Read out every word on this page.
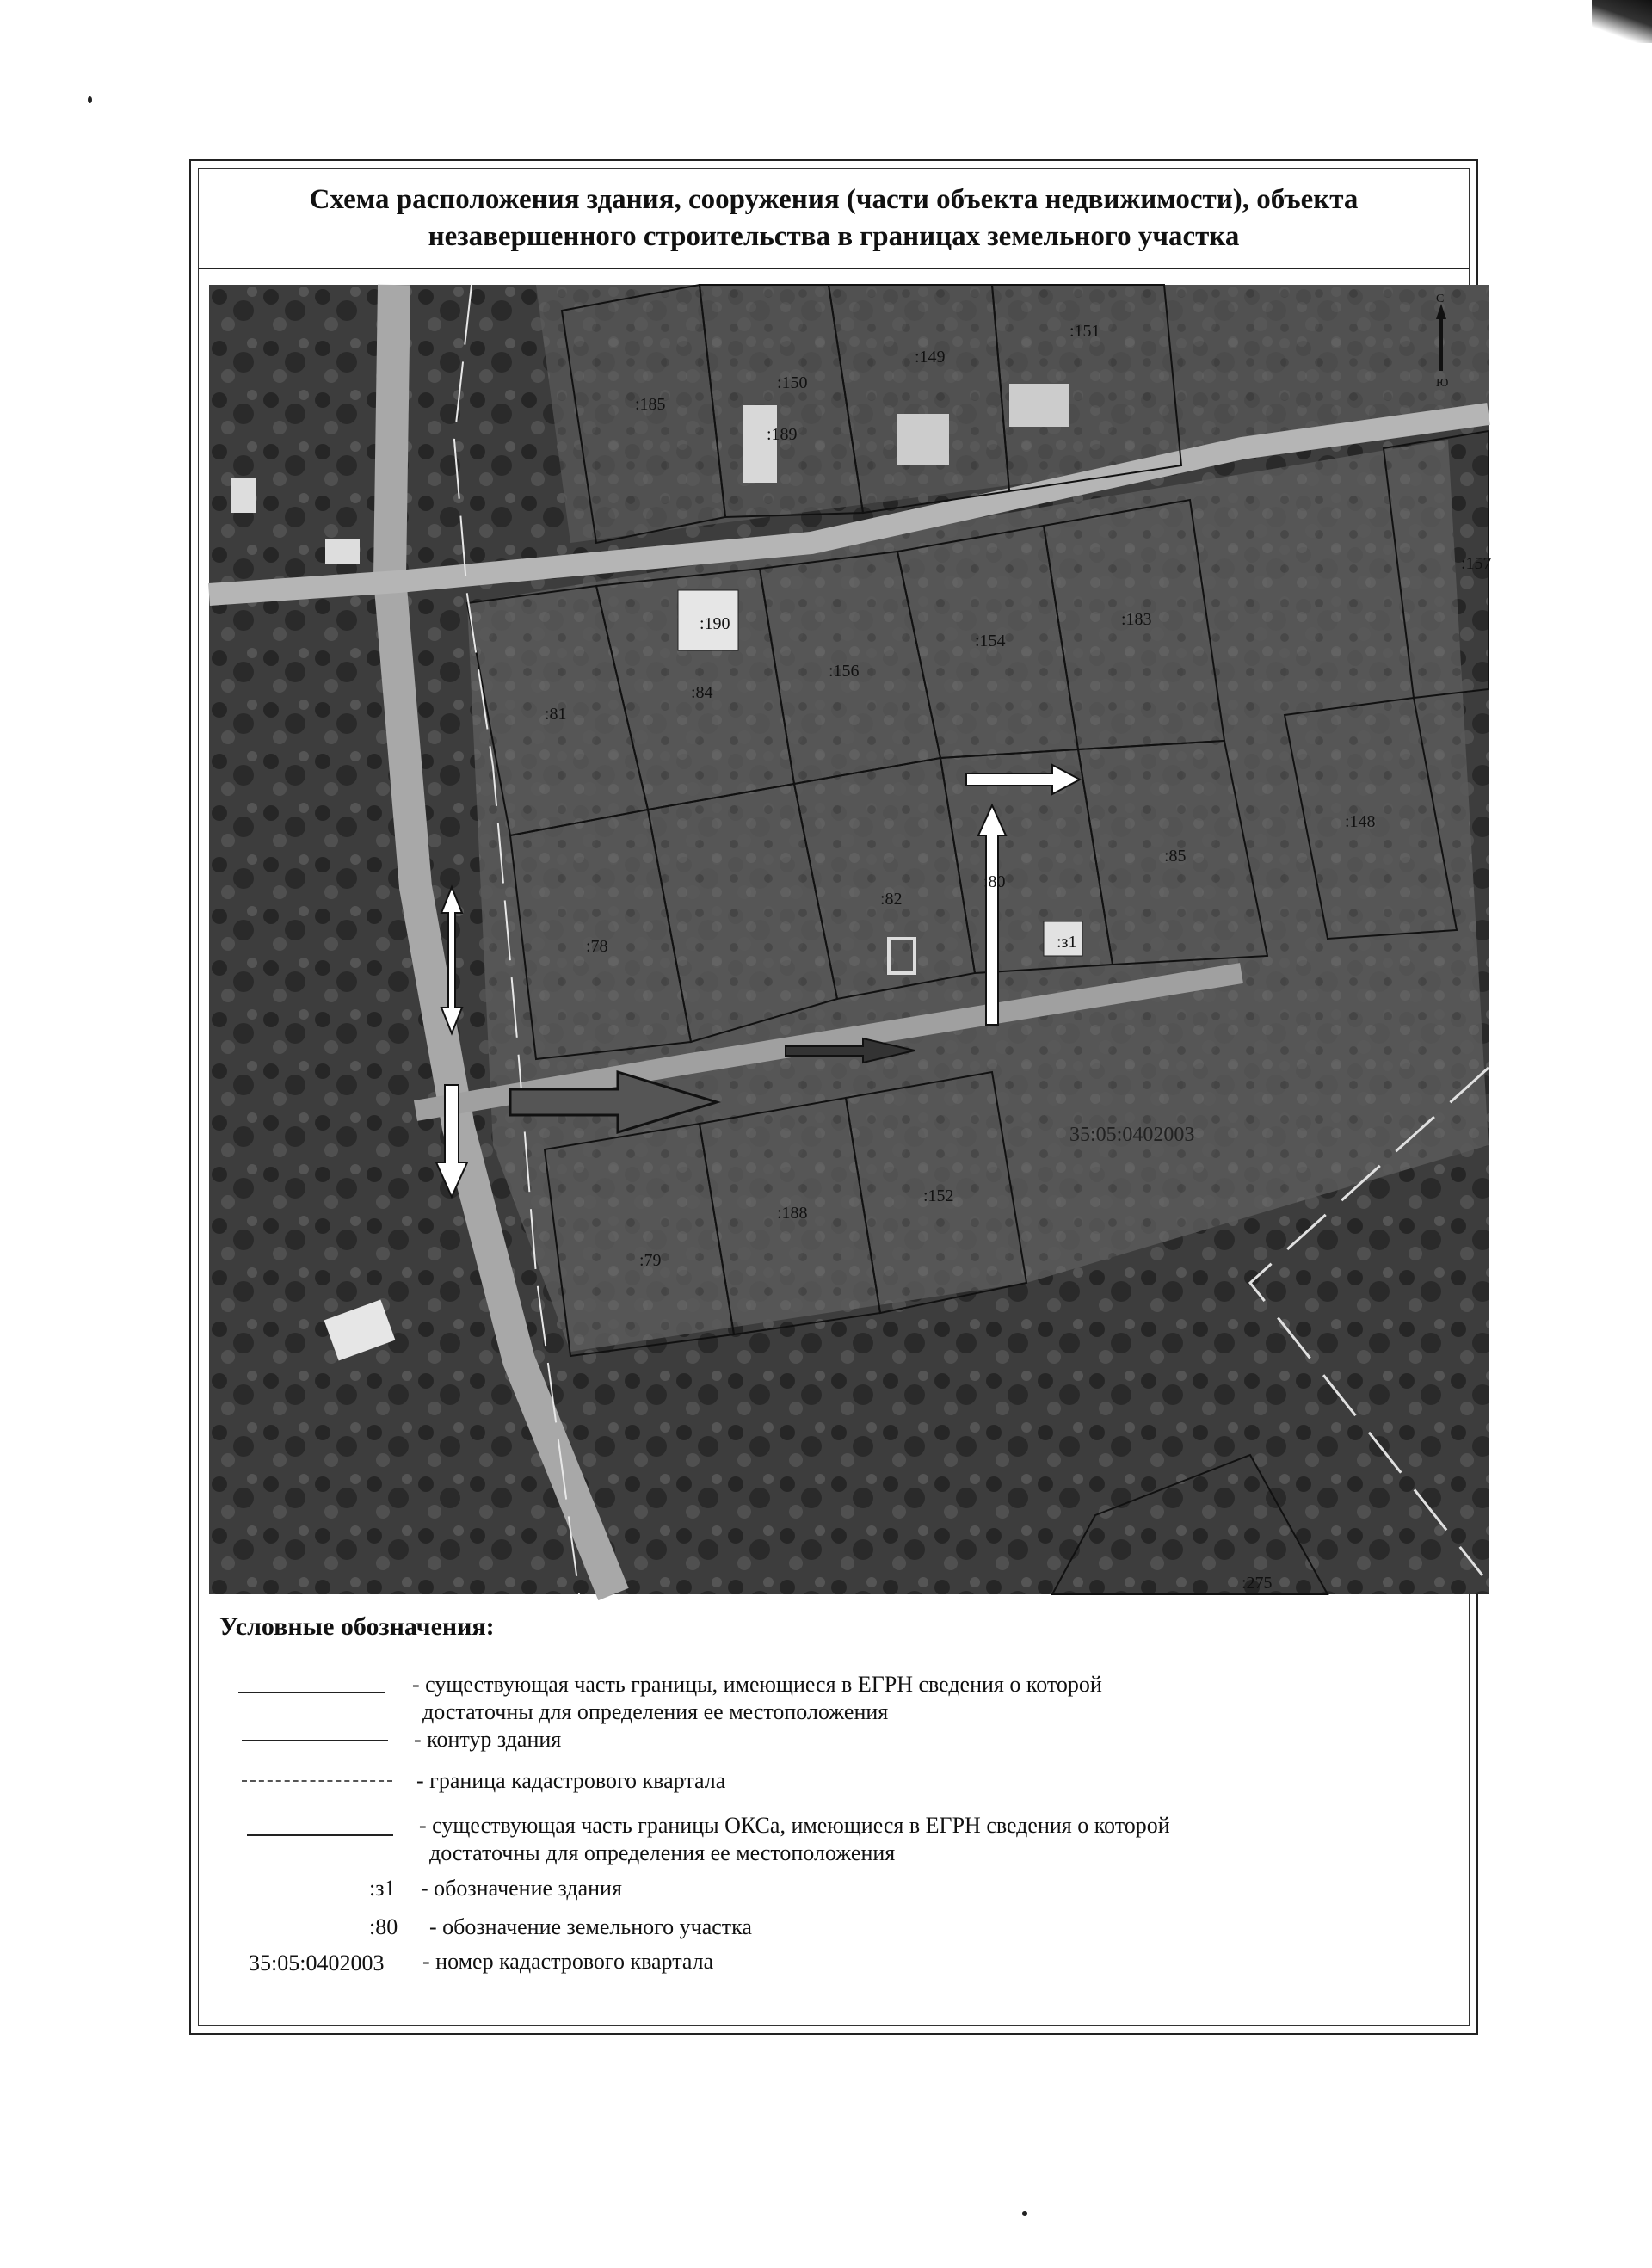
Схема расположения здания, сооружения (части объекта недвижимости), объекта незавершенного строительства в границах земельного участка
С
Ю
:185
:150
:189
:149
:151
:190
:156
:154
:183
:157
:81
:84
:78
:82
:80
:85
:148
:79
:188
:152
:275
:з1
35:05:0402003
Условные обозначения:
- существующая часть границы, имеющиеся в ЕГРН сведения о которой
достаточны для определения ее местоположения
- контур здания
- граница кадастрового квартала
- существующая часть границы ОКСа, имеющиеся в ЕГРН сведения о которой
достаточны для определения ее местоположения
:з1 - обозначение здания
:80 - обозначение земельного участка
35:05:0402003 - номер кадастрового квартала
